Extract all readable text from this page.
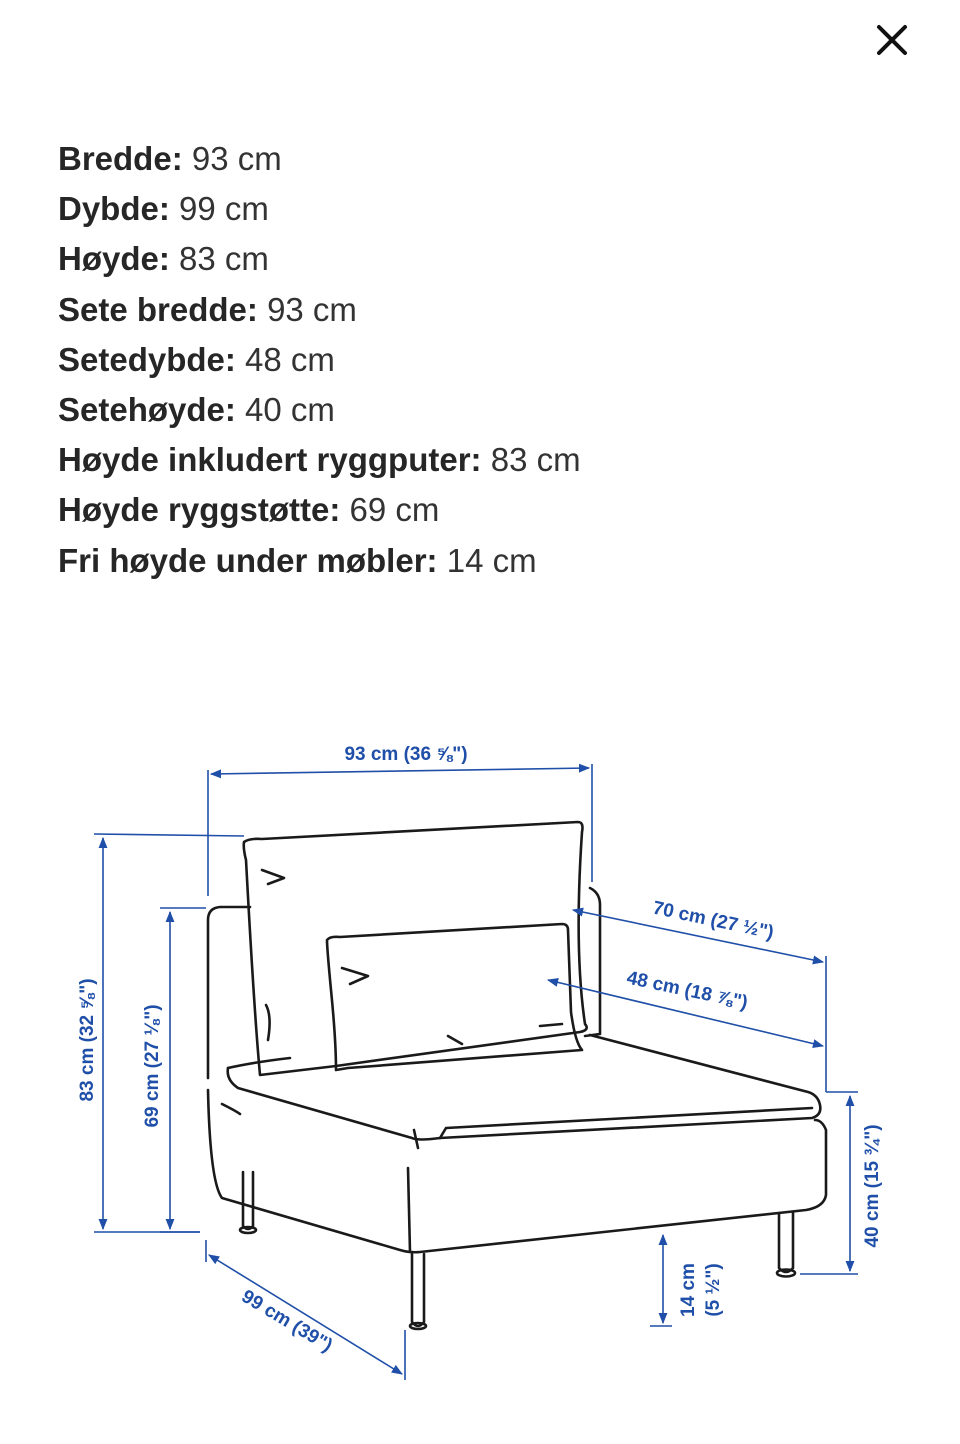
Bredde: 93 cm
Dybde: 99 cm
Høyde: 83 cm
Sete bredde: 93 cm
Setedybde: 48 cm
Setehøyde: 40 cm
Høyde inkludert ryggputer: 83 cm
Høyde ryggstøtte: 69 cm
Fri høyde under møbler: 14 cm
93 cm (36 ⅝")
83 cm (32 ⅝") 69 cm (27 ⅛")
99 cm (39")
70 cm (27 ½")
48 cm (18 ⅞")
40 cm (15 ¾")
14 cm (5 ½")
